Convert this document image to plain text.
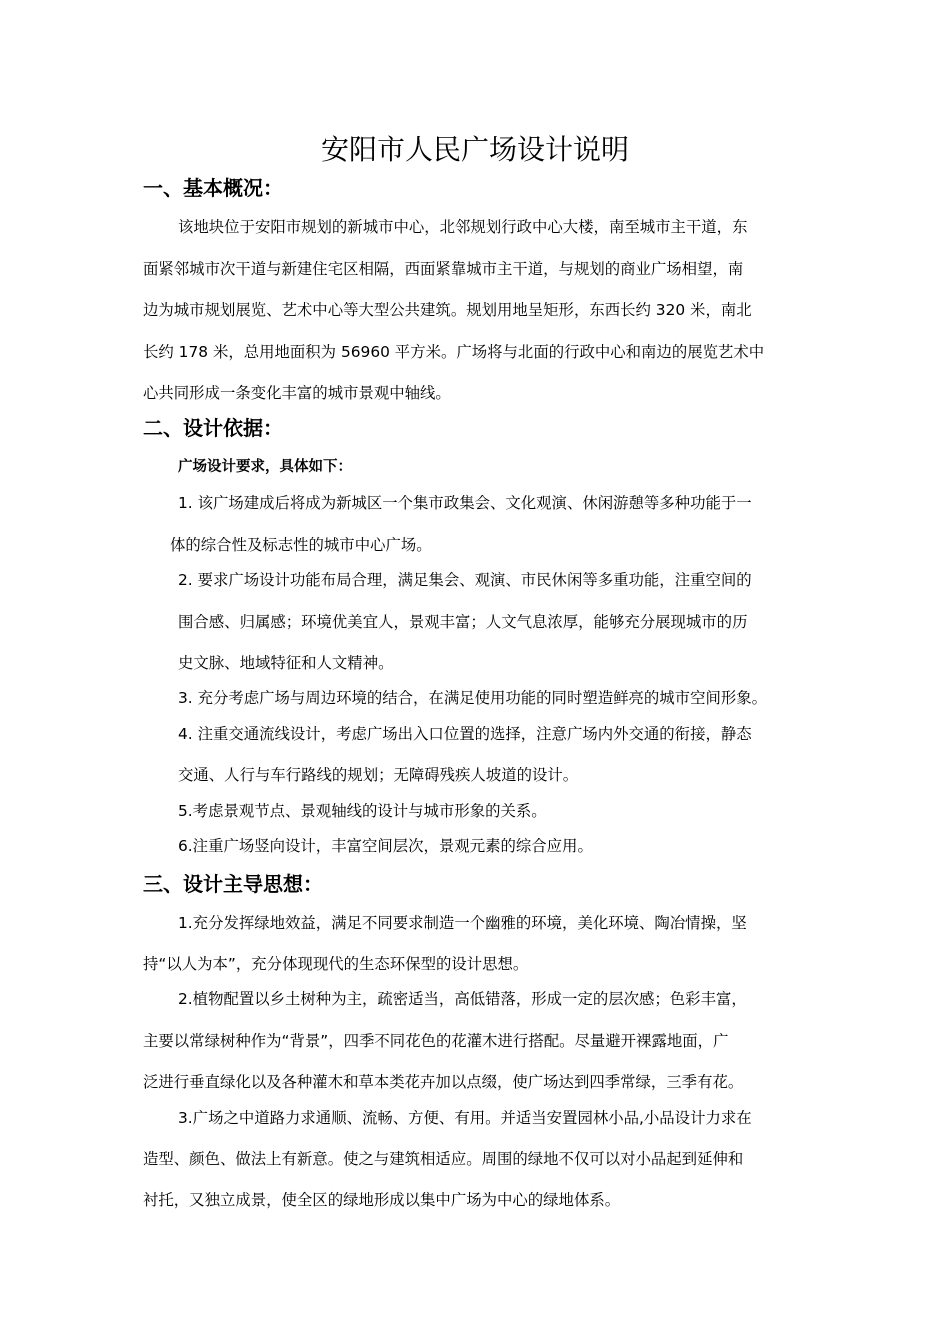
安阳市人民广场设计说明
一、基本概况：

该地块位于安阳市规划的新城市中心，北邻规划行政中心大楼，南至城市主干道，东

面紧邻城市次干道与新建住宅区相隔，西面紧靠城市主干道，与规划的商业广场相望，南

边为城市规划展览、艺术中心等大型公共建筑。规划用地呈矩形，东西长约 320 米，南北

长约 178 米，总用地面积为 56960 平方米。广场将与北面的行政中心和南边的展览艺术中

心共同形成一条变化丰富的城市景观中轴线。

二、设计依据：

广场设计要求，具体如下：

1. 该广场建成后将成为新城区一个集市政集会、文化观演、休闲游憩等多种功能于一

体的综合性及标志性的城市中心广场。

2. 要求广场设计功能布局合理，满足集会、观演、市民休闲等多重功能，注重空间的

围合感、归属感；环境优美宜人，景观丰富；人文气息浓厚，能够充分展现城市的历

史文脉、地域特征和人文精神。

3. 充分考虑广场与周边环境的结合，在满足使用功能的同时塑造鲜亮的城市空间形象。

4. 注重交通流线设计，考虑广场出入口位置的选择，注意广场内外交通的衔接，静态

交通、人行与车行路线的规划；无障碍残疾人坡道的设计。

5.考虑景观节点、景观轴线的设计与城市形象的关系。

6.注重广场竖向设计，丰富空间层次，景观元素的综合应用。

三、设计主导思想：

1.充分发挥绿地效益，满足不同要求制造一个幽雅的环境，美化环境、陶冶情操，坚

持“以人为本”，充分体现现代的生态环保型的设计思想。

2.植物配置以乡土树种为主，疏密适当，高低错落，形成一定的层次感；色彩丰富，

主要以常绿树种作为“背景”，四季不同花色的花灌木进行搭配。尽量避开裸露地面，广

泛进行垂直绿化以及各种灌木和草本类花卉加以点缀，使广场达到四季常绿，三季有花。

3.广场之中道路力求通顺、流畅、方便、有用。并适当安置园林小品,小品设计力求在

造型、颜色、做法上有新意。使之与建筑相适应。周围的绿地不仅可以对小品起到延伸和

衬托，又独立成景，使全区的绿地形成以集中广场为中心的绿地体系。
